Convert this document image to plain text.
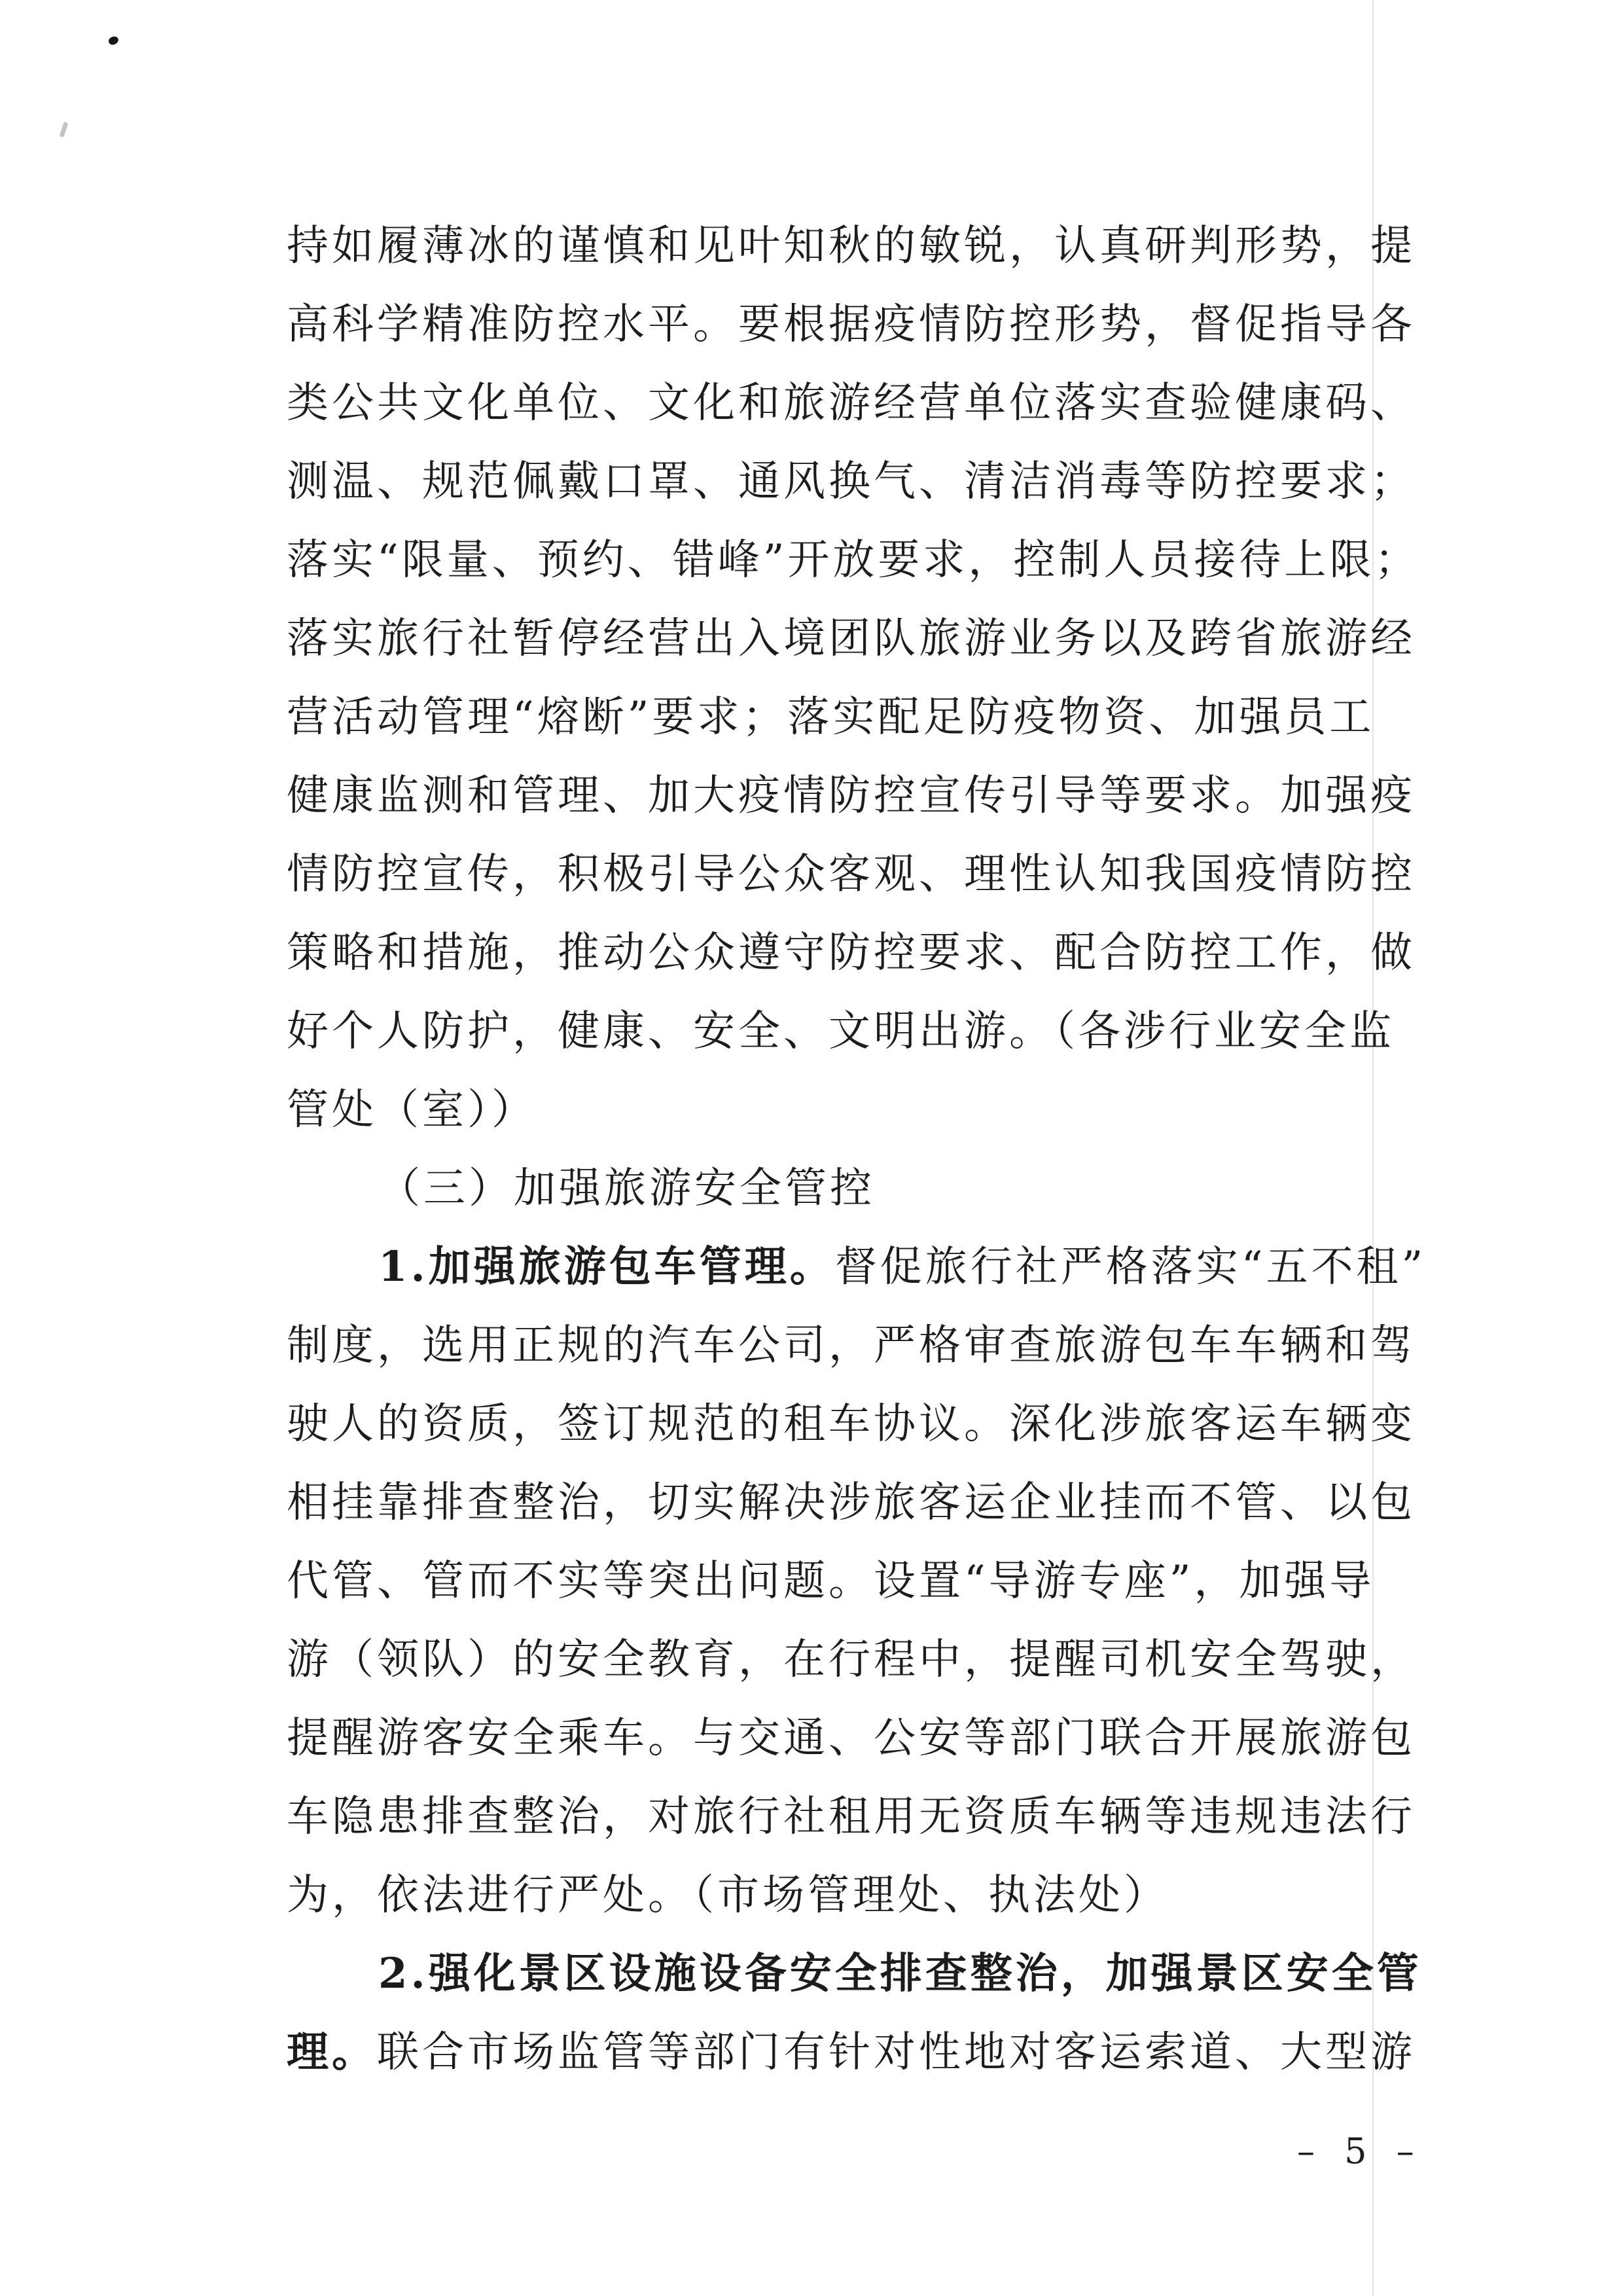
持如履薄冰的谨慎和见叶知秋的敏锐，认真研判形势，提
高科学精准防控水平。要根据疫情防控形势，督促指导各
类公共文化单位、文化和旅游经营单位落实查验健康码、
测温、规范佩戴口罩、通风换气、清洁消毒等防控要求；
落实“限量、预约、错峰”开放要求，控制人员接待上限；
落实旅行社暂停经营出入境团队旅游业务以及跨省旅游经
营活动管理“熔断”要求；落实配足防疫物资、加强员工
健康监测和管理、加大疫情防控宣传引导等要求。加强疫
情防控宣传，积极引导公众客观、理性认知我国疫情防控
策略和措施，推动公众遵守防控要求、配合防控工作，做
好个人防护，健康、安全、文明出游。（各涉行业安全监
管处（室））
（三）加强旅游安全管控
1.加强旅游包车管理。督促旅行社严格落实“五不租”
制度，选用正规的汽车公司，严格审查旅游包车车辆和驾
驶人的资质，签订规范的租车协议。深化涉旅客运车辆变
相挂靠排查整治，切实解决涉旅客运企业挂而不管、以包
代管、管而不实等突出问题。设置“导游专座”，加强导
游（领队）的安全教育，在行程中，提醒司机安全驾驶，
提醒游客安全乘车。与交通、公安等部门联合开展旅游包
车隐患排查整治，对旅行社租用无资质车辆等违规违法行
为，依法进行严处。（市场管理处、执法处）
2.强化景区设施设备安全排查整治，加强景区安全管
理。联合市场监管等部门有针对性地对客运索道、大型游
– 5 –
